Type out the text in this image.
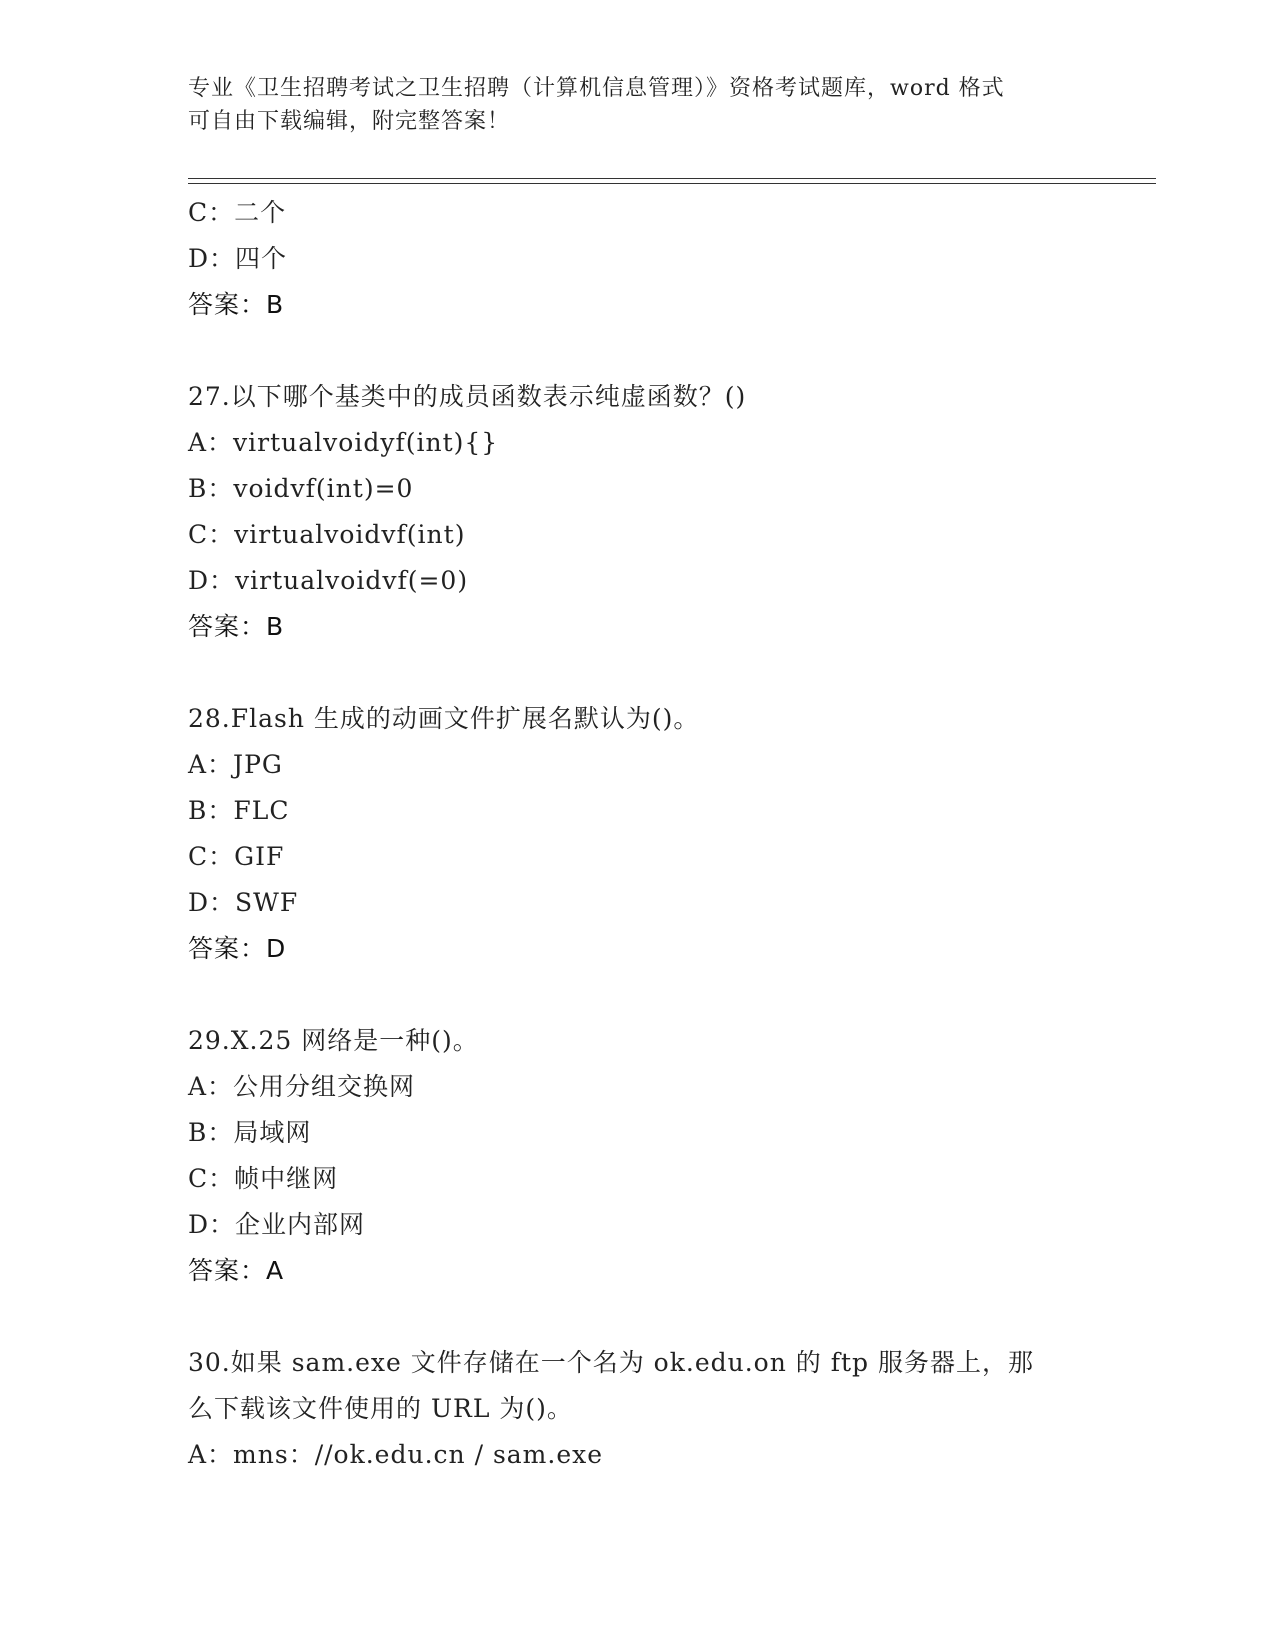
专业《卫生招聘考试之卫生招聘（计算机信息管理）》资格考试题库，word 格式
可自由下载编辑，附完整答案！
C：二个
D：四个
答案：B
27.以下哪个基类中的成员函数表示纯虚函数？()
A：virtualvoidyf(int){}
B：voidvf(int)=0
C：virtualvoidvf(int)
D：virtualvoidvf(=0)
答案：B
28.Flash 生成的动画文件扩展名默认为()。
A：JPG
B：FLC
C：GIF
D：SWF
答案：D
29.X.25 网络是一种()。
A：公用分组交换网
B：局域网
C：帧中继网
D：企业内部网
答案：A
30.如果 sam.exe 文件存储在一个名为 ok.edu.on 的 ftp 服务器上，那
么下载该文件使用的 URL 为()。
A：mns：//ok.edu.cn / sam.exe
